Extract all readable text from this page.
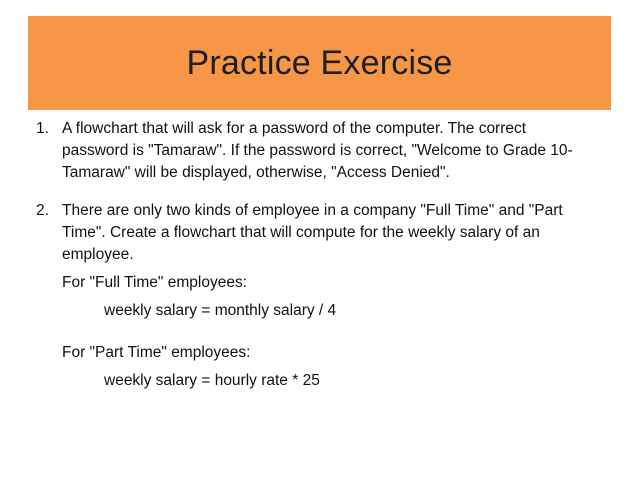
Practice Exercise
1. A flowchart that will ask for a password of the computer. The correct password is "Tamaraw". If the password is correct, "Welcome to Grade 10-Tamaraw" will be displayed, otherwise, "Access Denied".
2. There are only two kinds of employee in a company "Full Time" and "Part Time". Create a flowchart that will compute for the weekly salary of an employee.
For "Full Time" employees:
weekly salary = monthly salary / 4
For "Part Time" employees:
weekly salary = hourly rate * 25
